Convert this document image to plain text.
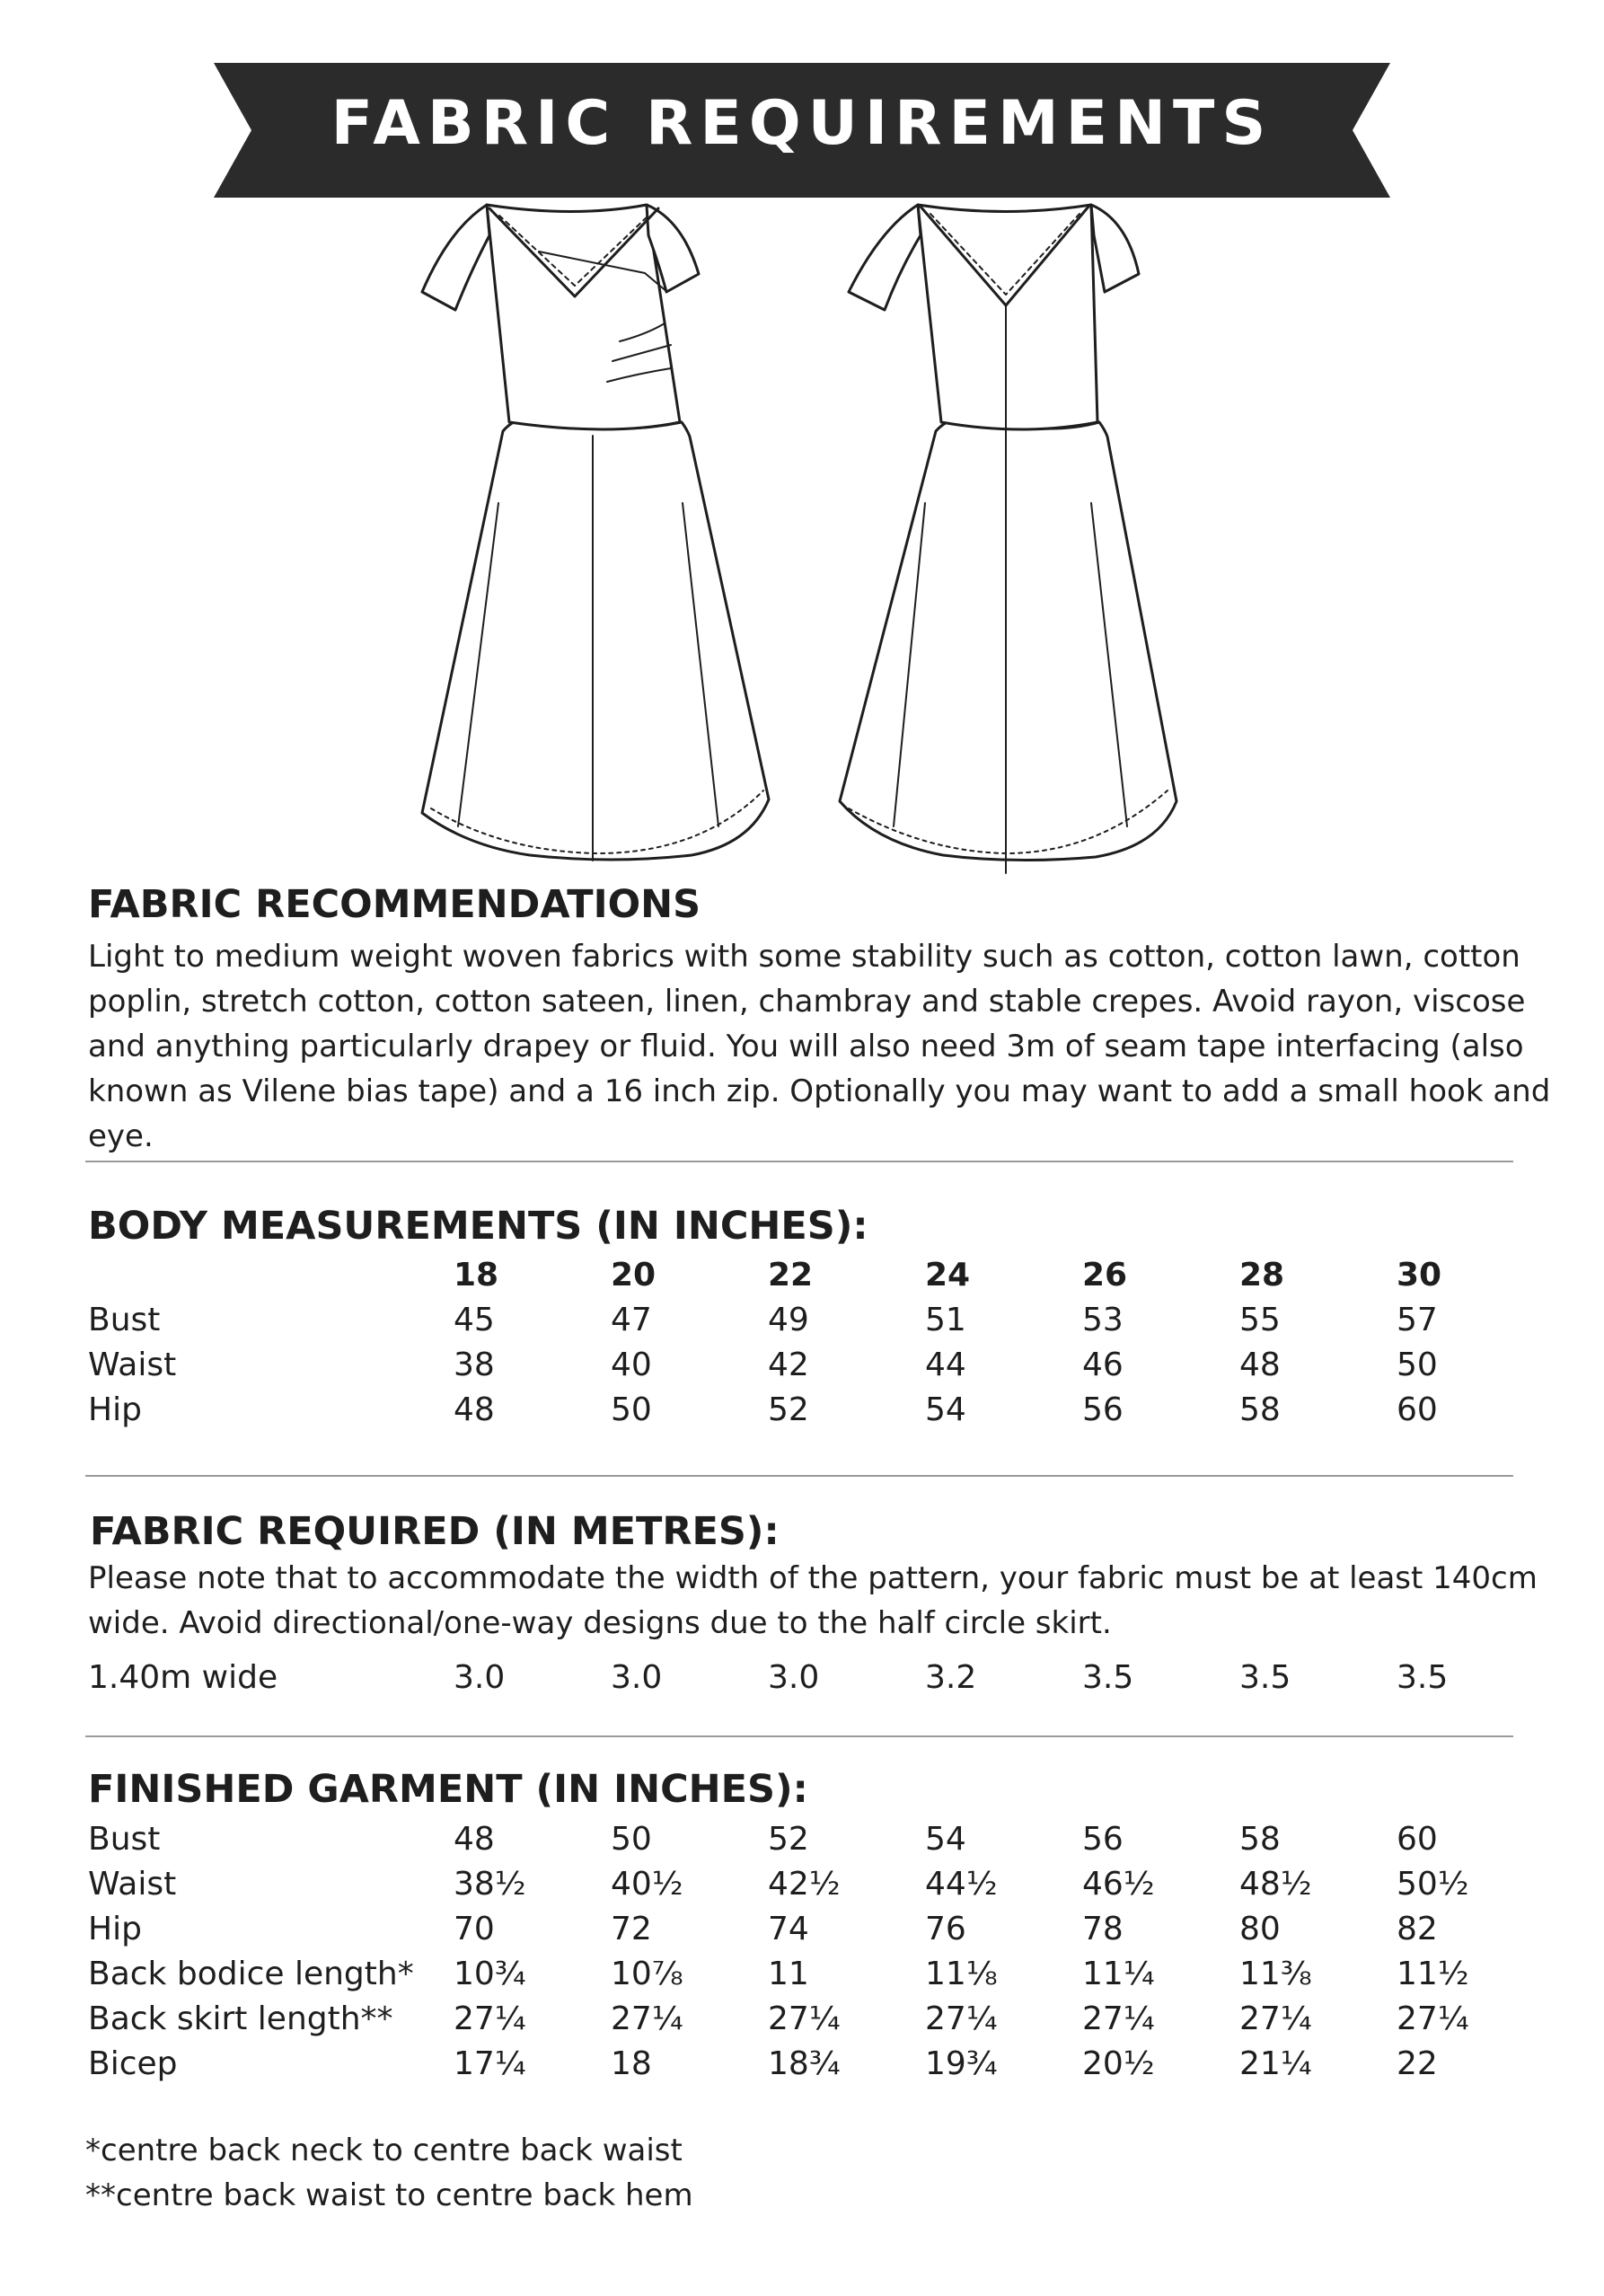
FABRIC REQUIREMENTS
FABRIC RECOMMENDATIONS

Light to medium weight woven fabrics with some stability such as cotton, cotton lawn, cotton poplin, stretch cotton, cotton sateen, linen, chambray and stable crepes. Avoid rayon, viscose and anything particularly drapey or fluid. You will also need 3m of seam tape interfacing (also known as Vilene bias tape) and a 16 inch zip. Optionally you may want to add a small hook and eye.

BODY MEASUREMENTS (IN INCHES):
18	20	22	24	26	28	30
Bust	45	47	49	51	53	55	57
Waist	38	40	42	44	46	48	50
Hip	48	50	52	54	56	58	60
FABRIC REQUIRED (IN METRES):

Please note that to accommodate the width of the pattern, your fabric must be at least 140cm wide. Avoid directional/one-way designs due to the half circle skirt.

1.40m wide	3.0	3.0	3.0	3.2	3.5	3.5	3.5
FINISHED GARMENT (IN INCHES):
Bust	48	50	52	54	56	58	60
Waist	38½	40½	42½	44½	46½	48½	50½
Hip	70	72	74	76	78	80	82
Back bodice length* 10¾	10⅞	11	11⅛	11¼	11⅜	11½
Back skirt length** 27¼	27¼	27¼	27¼	27¼	27¼	27¼
Bicep	17¼	18	18¾	19¾	20½	21¼	22
*centre back neck to centre back waist
**centre back waist to centre back hem
